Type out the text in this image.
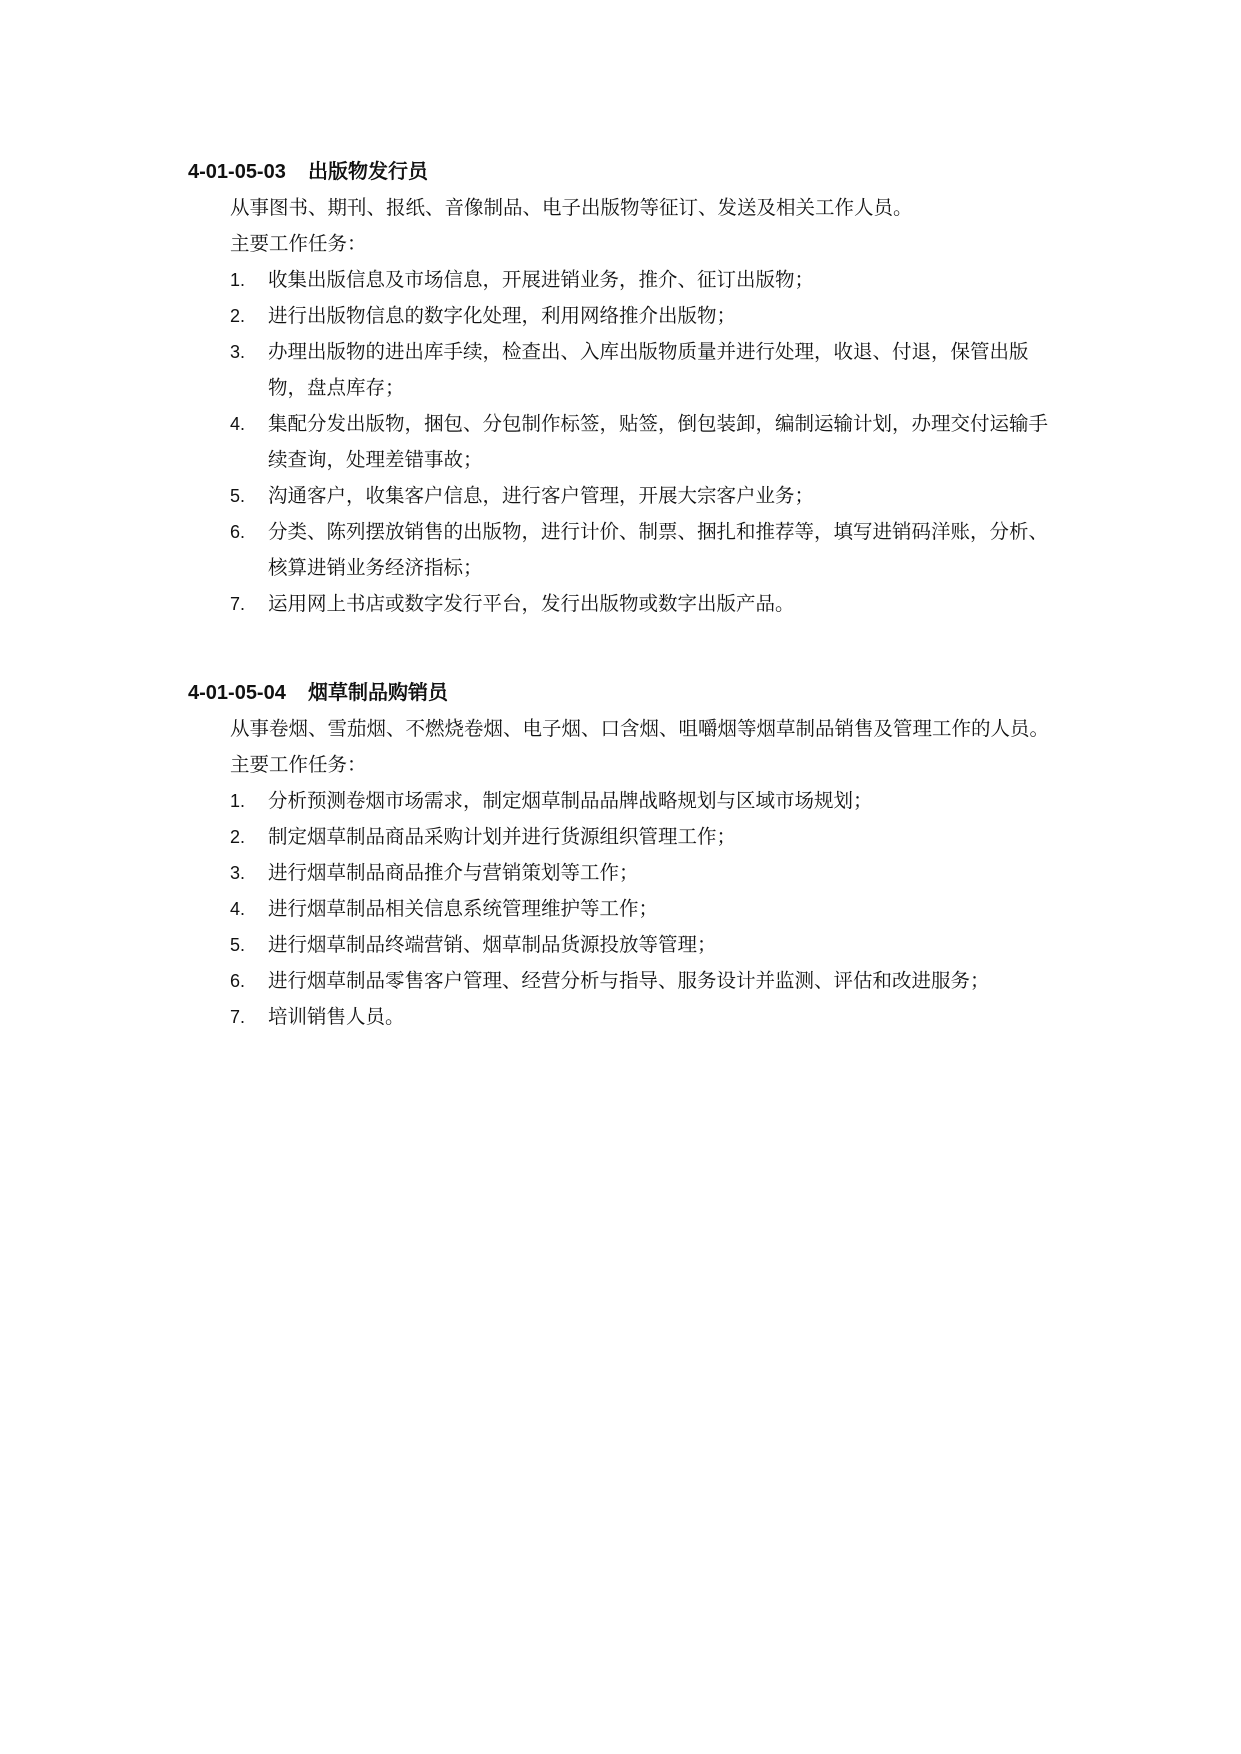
4-01-05-03 出版物发行员

从事图书、期刊、报纸、音像制品、电子出版物等征订、发送及相关工作人员。

主要工作任务：

1. 收集出版信息及市场信息，开展进销业务，推介、征订出版物；
2. 进行出版物信息的数字化处理，利用网络推介出版物；
3. 办理出版物的进出库手续，检查出、入库出版物质量并进行处理，收退、付退，保管出版物，盘点库存；
4. 集配分发出版物，捆包、分包制作标签，贴签，倒包装卸，编制运输计划，办理交付运输手续查询，处理差错事故；
5. 沟通客户，收集客户信息，进行客户管理，开展大宗客户业务；
6. 分类、陈列摆放销售的出版物，进行计价、制票、捆扎和推荐等，填写进销码洋账，分析、核算进销业务经济指标；
7. 运用网上书店或数字发行平台，发行出版物或数字出版产品。
4-01-05-04 烟草制品购销员

从事卷烟、雪茄烟、不燃烧卷烟、电子烟、口含烟、咀嚼烟等烟草制品销售及管理工作的人员。

主要工作任务：

1. 分析预测卷烟市场需求，制定烟草制品品牌战略规划与区域市场规划；
2. 制定烟草制品商品采购计划并进行货源组织管理工作；
3. 进行烟草制品商品推介与营销策划等工作；
4. 进行烟草制品相关信息系统管理维护等工作；
5. 进行烟草制品终端营销、烟草制品货源投放等管理；
6. 进行烟草制品零售客户管理、经营分析与指导、服务设计并监测、评估和改进服务；
7. 培训销售人员。
